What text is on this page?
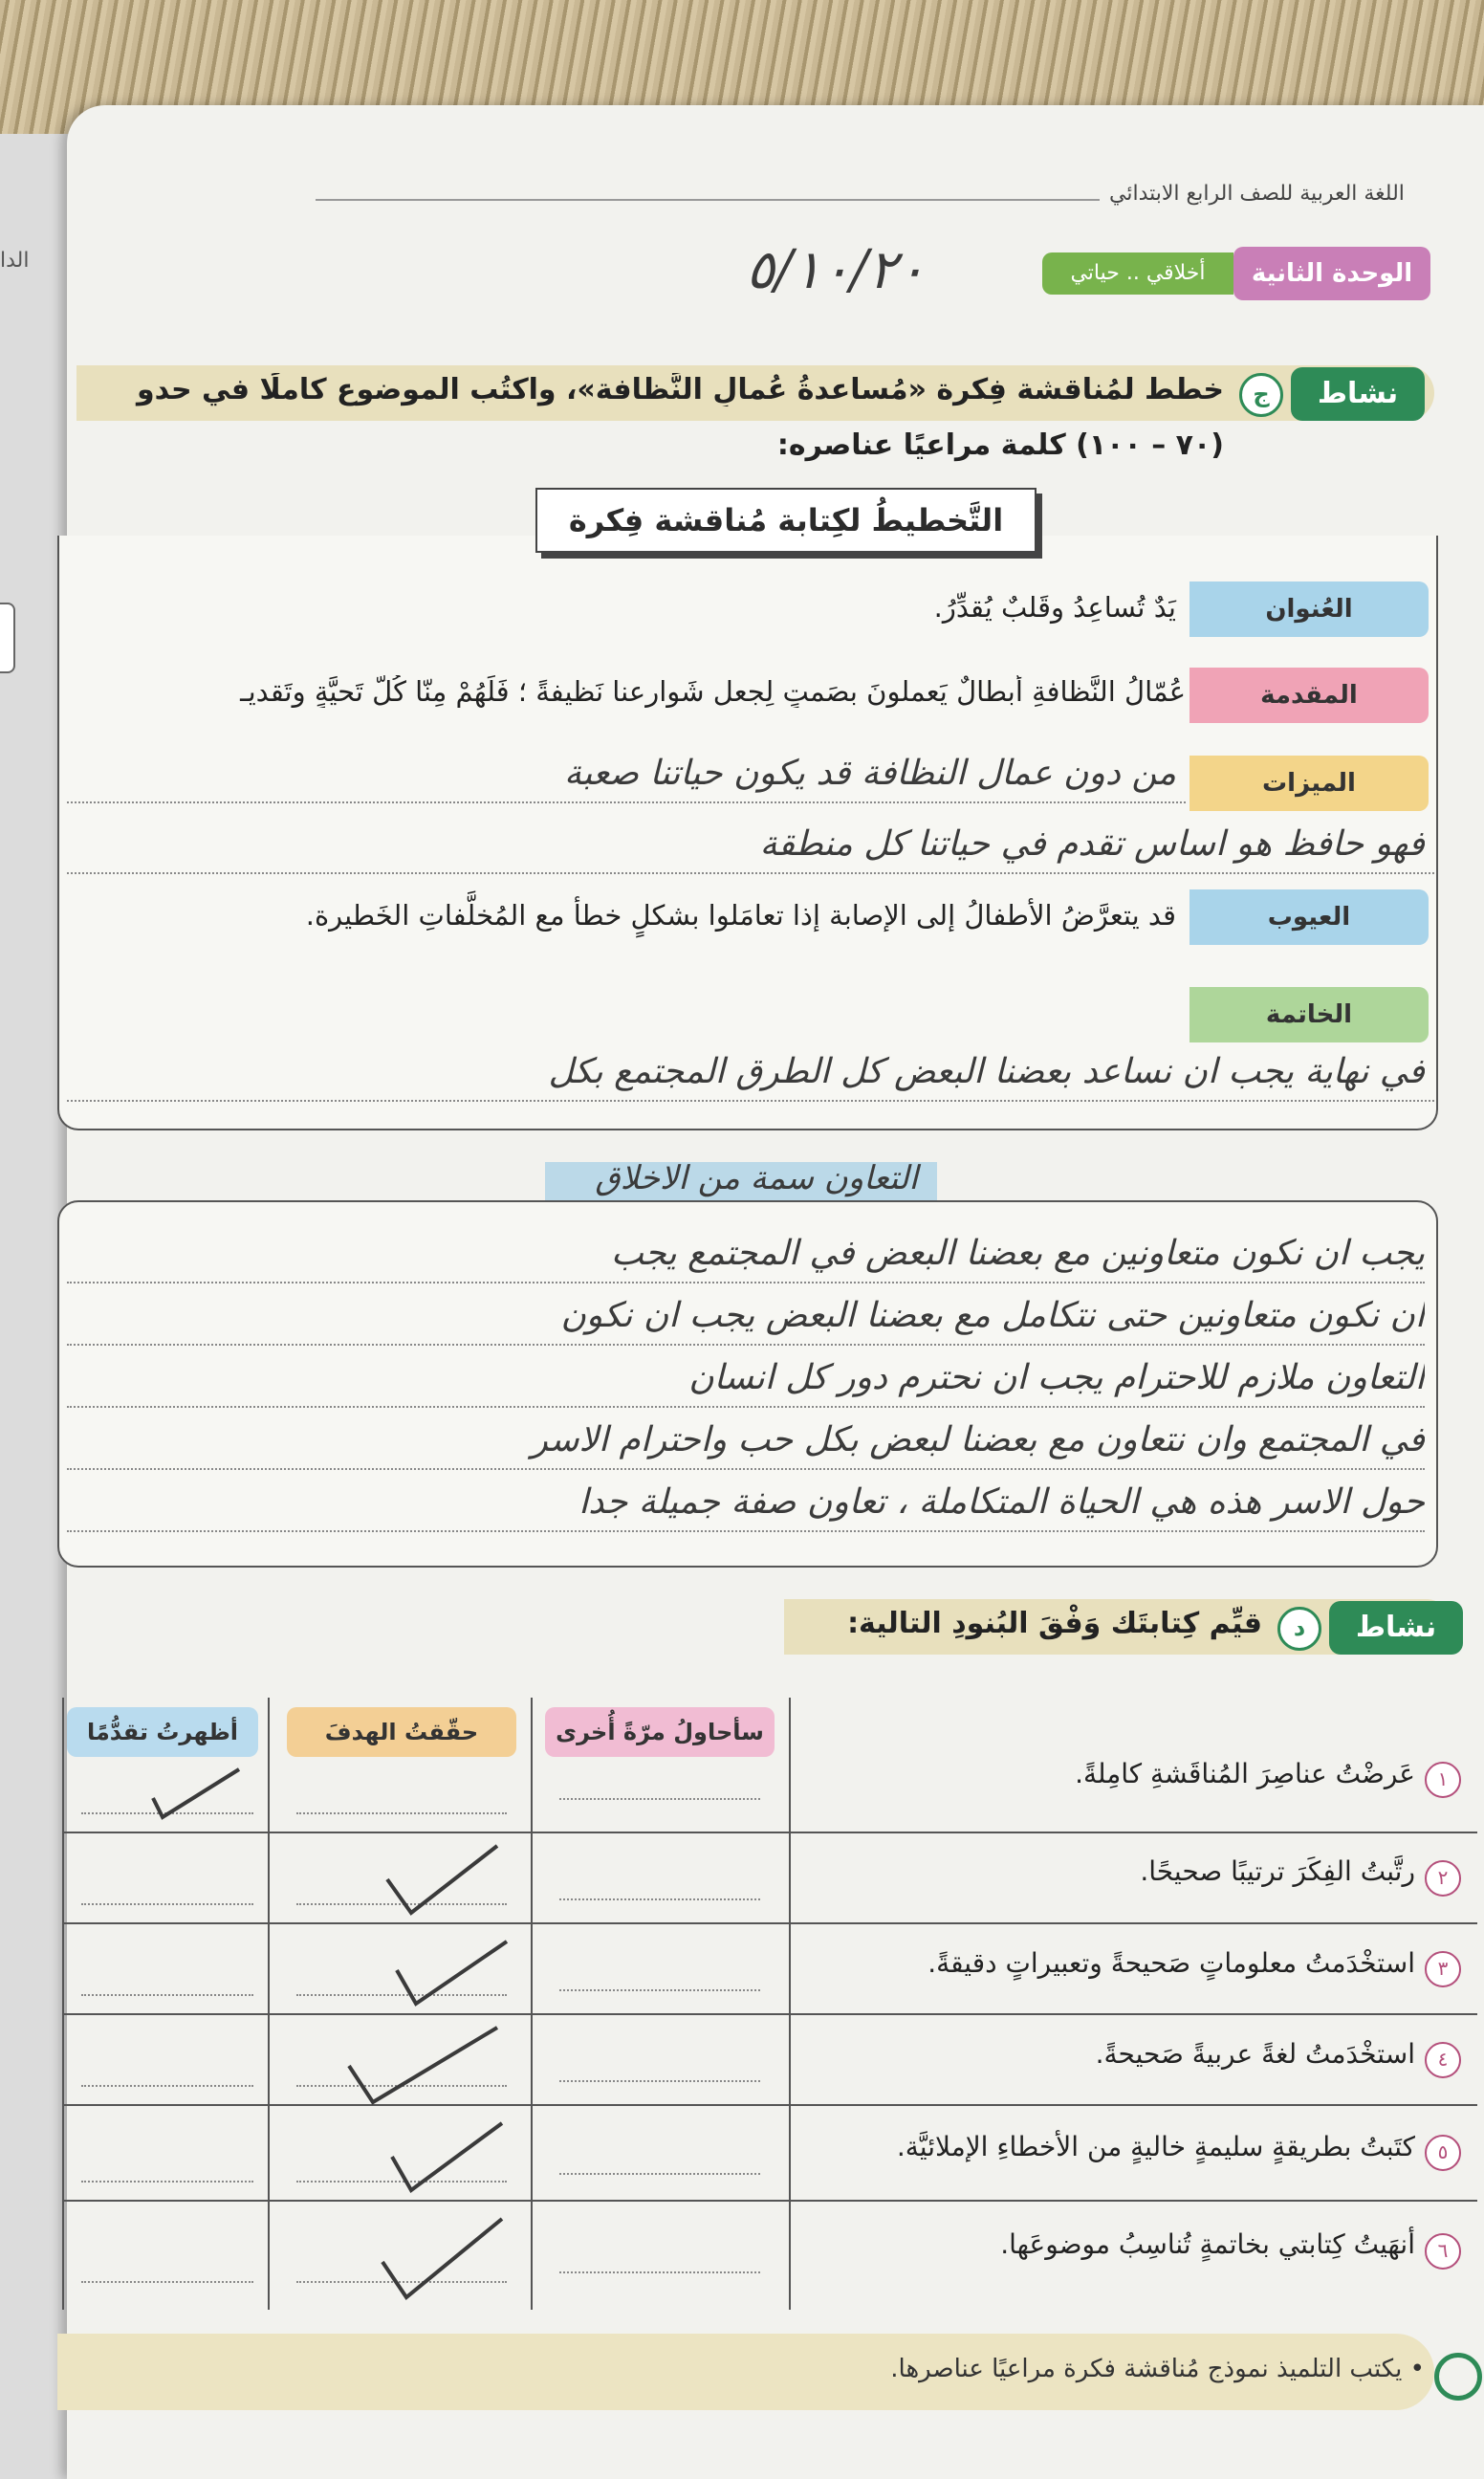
الدا
اللغة العربية للصف الرابع الابتدائي
أخلاقي .. حياتي	الوحدة الثانية
٥/١٠/٢٠
نشاط
ج
خطط لمُناقشة فِكرة «مُساعدةُ عُمالِ النَّظافة»، واكتُب الموضوع كاملًا في حدو
(٧٠ – ١٠٠) كلمة مراعيًا عناصره:
التَّخطيطُ لكِتابة مُناقشة فِكرة
العُنوان
يَدٌ تُساعِدُ وقَلبٌ يُقدِّرُ.
المقدمة
عُمّالُ النَّظافةِ أبطالٌ يَعملونَ بصَمتٍ لِجعلِ شَوارِعنا نَظيفةً ؛ فَلَهُمْ مِنّا كُلُّ تَحيَّةٍ وتَقديـ
الميزات
من دون عمال النظافة قد يكون حياتنا صعبة
فهو حافظ هو اساس تقدم في حياتنا كل منطقة
العيوب
قد يتعرَّضُ الأطفالُ إلى الإصابة إذا تعامَلوا بشكلٍ خطأ مع المُخلَّفاتِ الخَطيرة.
الخاتمة
في نهاية يجب ان نساعد بعضنا البعض كل الطرق المجتمع بكل
التعاون سمة من الاخلاق
يجب ان نكون متعاونين مع بعضنا البعض في المجتمع يجب
ان نكون متعاونين حتى نتكامل مع بعضنا البعض يجب ان نكون
التعاون ملازم للاحترام يجب ان نحترم دور كل انسان
في المجتمع وان نتعاون مع بعضنا لبعض بكل حب واحترام الاسر
حول الاسر هذه هي الحياة المتكاملة ، تعاون صفة جميلة جدا
نشاط
د
قيِّم كِتابتَك وَفْقَ البُنودِ التالية:
سأحاولُ مرّةً أُخرى
حقّقتُ الهدفَ
أظهرتُ تقدُّمًا
١
عَرضْتُ عناصِرَ المُناقَشةِ كامِلةً.
٢
رتَّبتُ الفِكَرَ ترتيبًا صحيحًا.
٣
استخْدَمتُ معلوماتٍ صَحيحةً وتعبيراتٍ دقيقةً.
٤
استخْدَمتُ لغةً عربيةً صَحيحةً.
٥
كتَبتُ بطريقةٍ سليمةٍ خاليةٍ من الأخطاءِ الإملائيَّة.
٦
أنهَيتُ كِتابتي بخاتمةٍ تُناسِبُ موضوعَها.
• يكتب التلميذ نموذج مُناقشة فكرة مراعيًا عناصرها.
